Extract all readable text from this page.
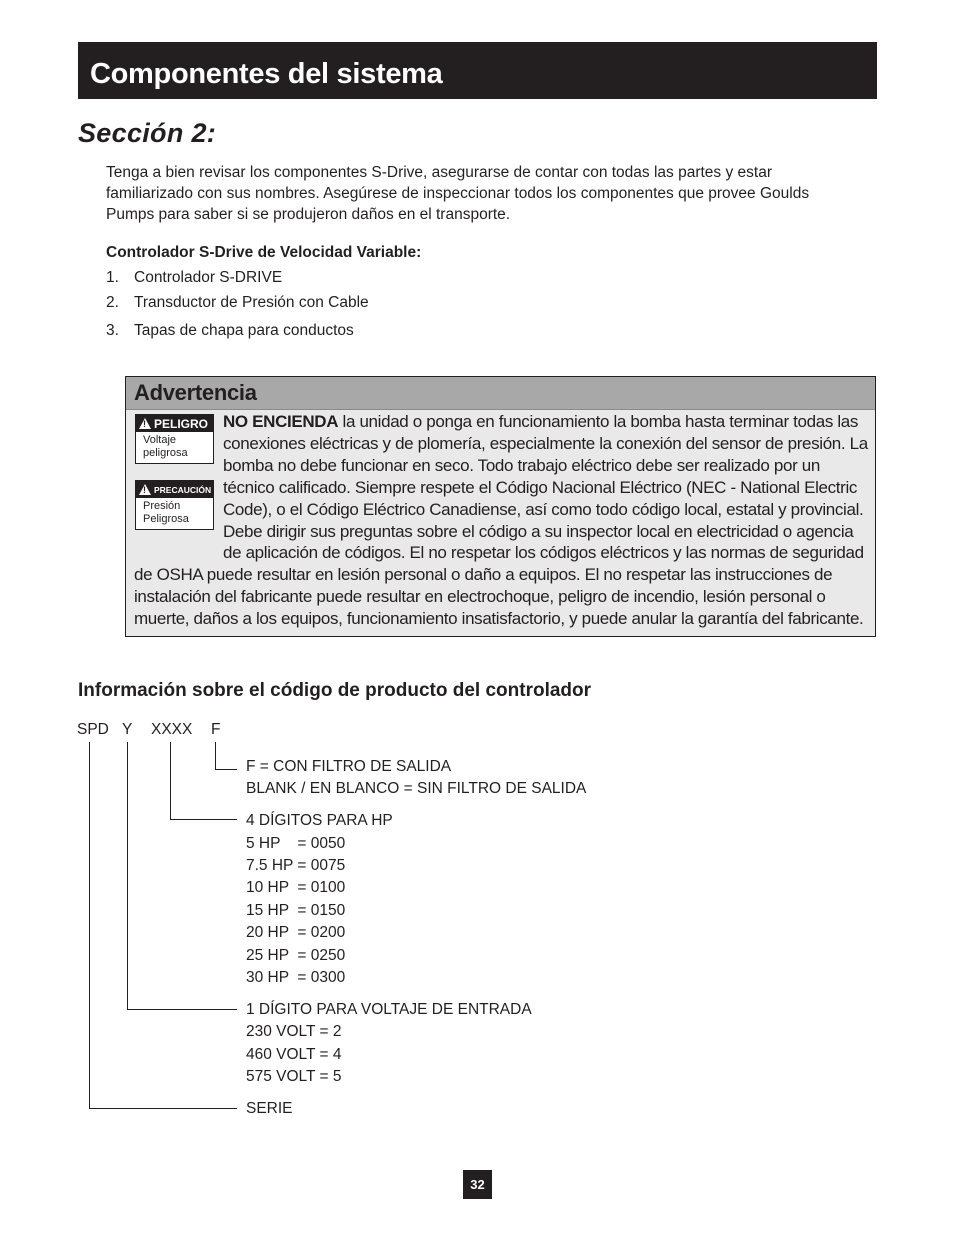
Componentes del sistema
Sección 2:
Tenga a bien revisar los componentes S-Drive, asegurarse de contar con todas las partes y estar familiarizado con sus nombres. Asegúrese de inspeccionar todos los componentes que provee Goulds Pumps para saber si se produjeron daños en el transporte.
Controlador S-Drive de Velocidad Variable:
1. Controlador S-DRIVE
2. Transductor de Presión con Cable
3. Tapas de chapa para conductos
Advertencia
! PELIGRO
Voltaje peligrosa
! PRECAUCIÓN
Presión Peligrosa
NO ENCIENDA la unidad o ponga en funcionamiento la bomba hasta terminar todas las conexiones eléctricas y de plomería, especialmente la conexión del sensor de presión. La bomba no debe funcionar en seco. Todo trabajo eléctrico debe ser realizado por un técnico calificado. Siempre respete el Código Nacional Eléctrico (NEC - National Electric Code), o el Código Eléctrico Canadiense, así como todo código local, estatal y provincial. Debe dirigir sus preguntas sobre el código a su inspector local en electricidad o agencia de aplicación de códigos. El no respetar los códigos eléctricos y las normas de seguridad de OSHA puede resultar en lesión personal o daño a equipos. El no respetar las instrucciones de instalación del fabricante puede resultar en electrochoque, peligro de incendio, lesión personal o muerte, daños a los equipos, funcionamiento insatisfactorio, y puede anular la garantía del fabricante.
Información sobre el código de producto del controlador
SPD Y XXXX F
F = CON FILTRO DE SALIDA
BLANK / EN BLANCO = SIN FILTRO DE SALIDA
4 DÍGITOS PARA HP
5 HP    = 0050
7.5 HP = 0075
10 HP  = 0100
15 HP  = 0150
20 HP  = 0200
25 HP  = 0250
30 HP  = 0300
1 DÍGITO PARA VOLTAJE DE ENTRADA
230 VOLT = 2
460 VOLT = 4
575 VOLT = 5
SERIE
32
